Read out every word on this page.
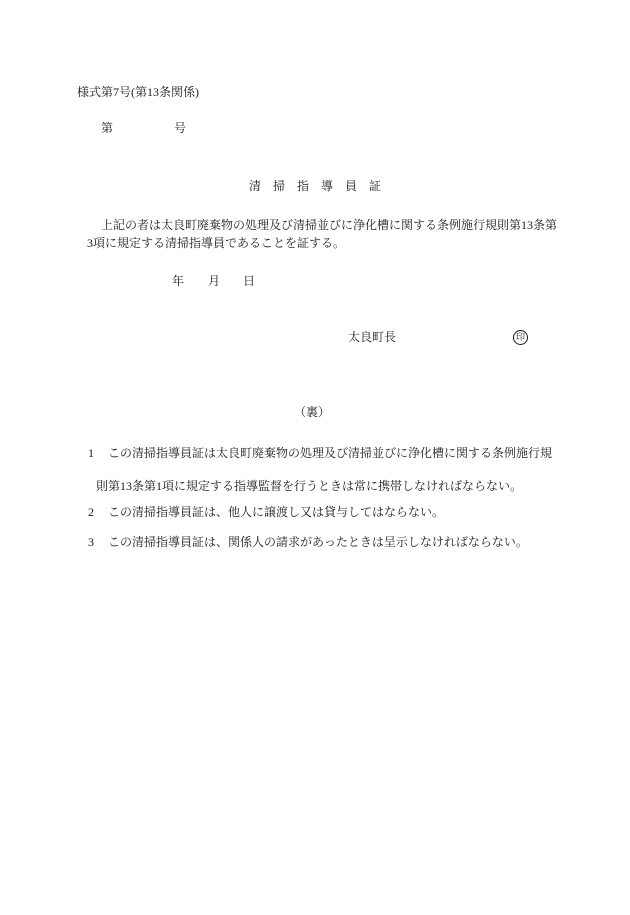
様式第7号(第13条関係)
第	号
清　掃　指　導　員　証
上記の者は太良町廃棄物の処理及び清掃並びに浄化槽に関する条例施行規則第13条第
3項に規定する清掃指導員であることを証する。
年 月 日
太良町長	印
（裏）
1 この清掃指導員証は太良町廃棄物の処理及び清掃並びに浄化槽に関する条例施行規
則第13条第1項に規定する指導監督を行うときは常に携帯しなければならない。
2 この清掃指導員証は、他人に譲渡し又は貸与してはならない。
3 この清掃指導員証は、関係人の請求があったときは呈示しなければならない。
